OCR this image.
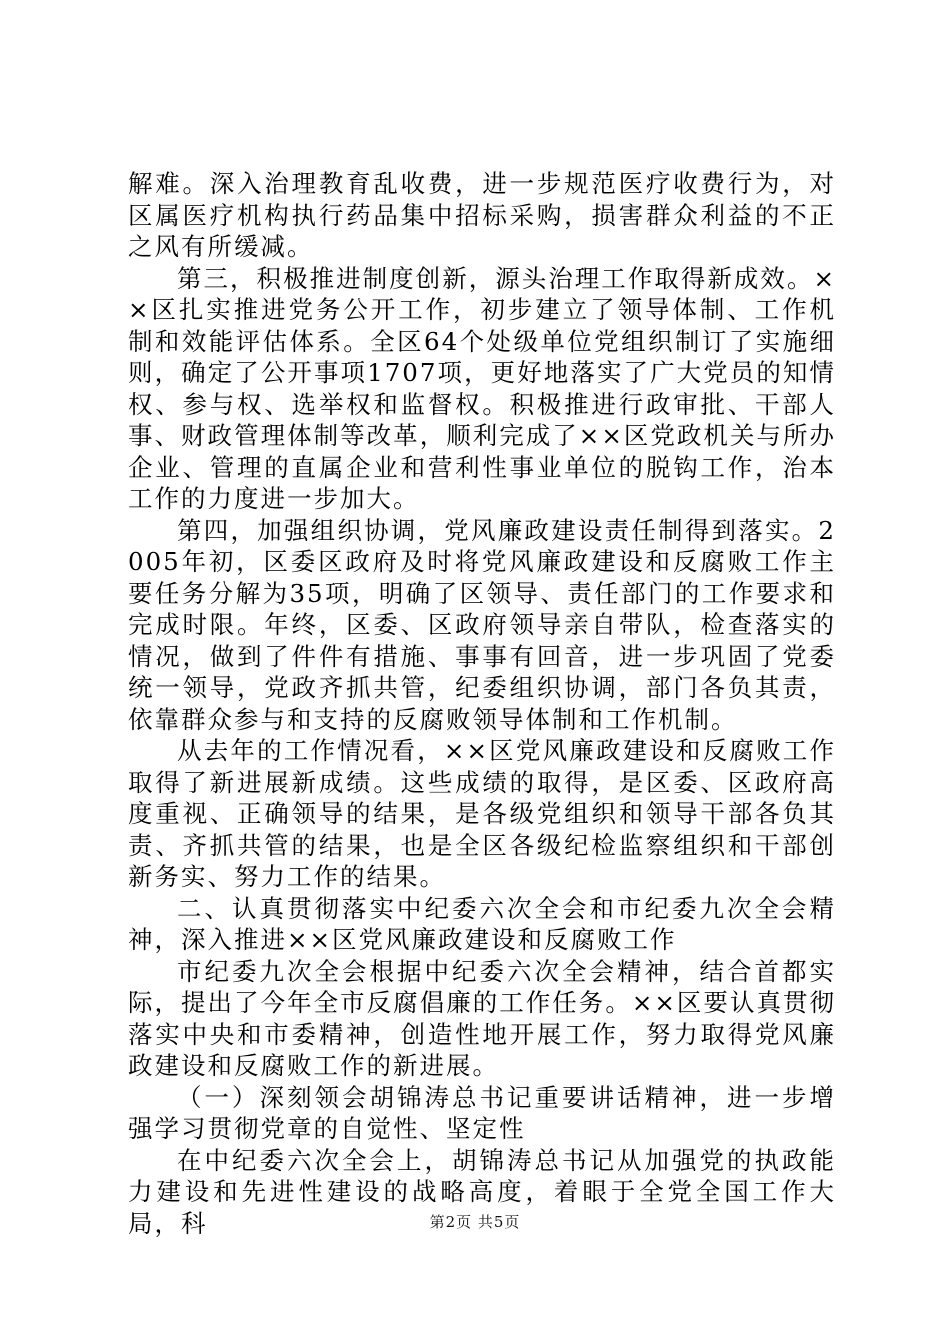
解难。深入治理教育乱收费，进一步规范医疗收费行为，对区属医疗机构执行药品集中招标采购，损害群众利益的不正之风有所缓减。

第三，积极推进制度创新，源头治理工作取得新成效。××区扎实推进党务公开工作，初步建立了领导体制、工作机制和效能评估体系。全区64个处级单位党组织制订了实施细则，确定了公开事项1707项，更好地落实了广大党员的知情权、参与权、选举权和监督权。积极推进行政审批、干部人事、财政管理体制等改革，顺利完成了××区党政机关与所办企业、管理的直属企业和营利性事业单位的脱钩工作，治本工作的力度进一步加大。

第四，加强组织协调，党风廉政建设责任制得到落实。2005年初，区委区政府及时将党风廉政建设和反腐败工作主要任务分解为35项，明确了区领导、责任部门的工作要求和完成时限。年终，区委、区政府领导亲自带队，检查落实的情况，做到了件件有措施、事事有回音，进一步巩固了党委统一领导，党政齐抓共管，纪委组织协调，部门各负其责，依靠群众参与和支持的反腐败领导体制和工作机制。

从去年的工作情况看，××区党风廉政建设和反腐败工作取得了新进展新成绩。这些成绩的取得，是区委、区政府高度重视、正确领导的结果，是各级党组织和领导干部各负其责、齐抓共管的结果，也是全区各级纪检监察组织和干部创新务实、努力工作的结果。

二、认真贯彻落实中纪委六次全会和市纪委九次全会精神，深入推进××区党风廉政建设和反腐败工作

市纪委九次全会根据中纪委六次全会精神，结合首都实际，提出了今年全市反腐倡廉的工作任务。××区要认真贯彻落实中央和市委精神，创造性地开展工作，努力取得党风廉政建设和反腐败工作的新进展。

（一）深刻领会胡锦涛总书记重要讲话精神，进一步增强学习贯彻党章的自觉性、坚定性

在中纪委六次全会上，胡锦涛总书记从加强党的执政能力建设和先进性建设的战略高度，着眼于全党全国工作大局，科	第2页 共5页
